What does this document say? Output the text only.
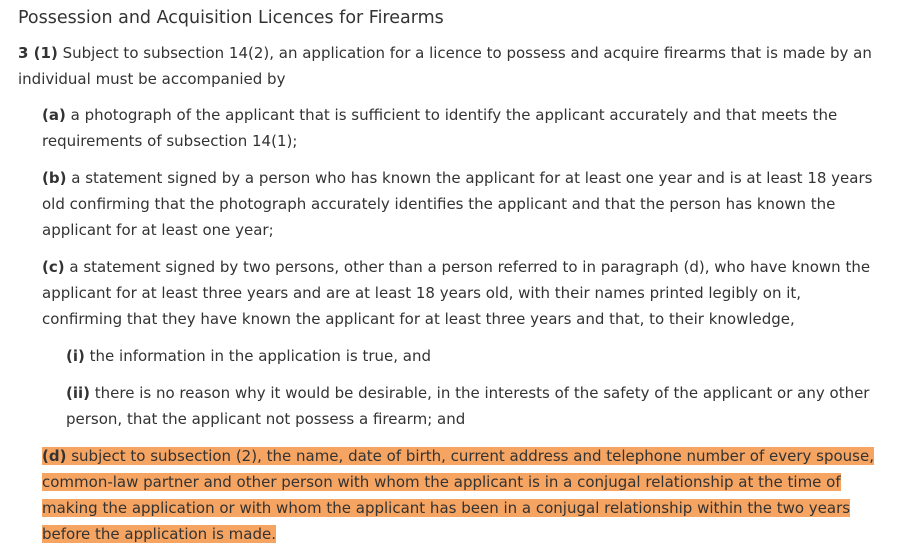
Possession and Acquisition Licences for Firearms

3 (1) Subject to subsection 14(2), an application for a licence to possess and acquire firearms that is made by an individual must be accompanied by

(a) a photograph of the applicant that is sufficient to identify the applicant accurately and that meets the requirements of subsection 14(1);

(b) a statement signed by a person who has known the applicant for at least one year and is at least 18 years old confirming that the photograph accurately identifies the applicant and that the person has known the applicant for at least one year;

(c) a statement signed by two persons, other than a person referred to in paragraph (d), who have known the applicant for at least three years and are at least 18 years old, with their names printed legibly on it, confirming that they have known the applicant for at least three years and that, to their knowledge,

(i) the information in the application is true, and

(ii) there is no reason why it would be desirable, in the interests of the safety of the applicant or any other person, that the applicant not possess a firearm; and

(d) subject to subsection (2), the name, date of birth, current address and telephone number of every spouse, common-law partner and other person with whom the applicant is in a conjugal relationship at the time of making the application or with whom the applicant has been in a conjugal relationship within the two years before the application is made.
